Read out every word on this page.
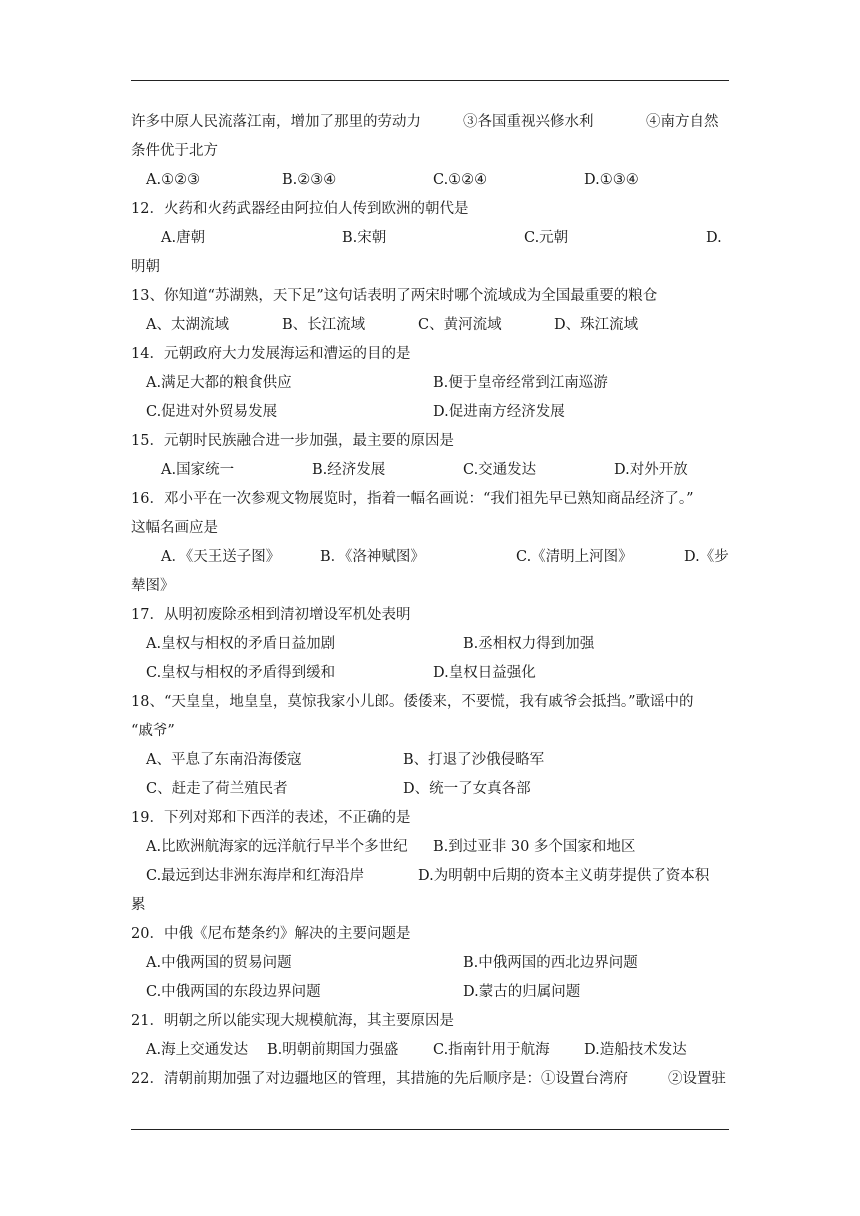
许多中原人民流落江南，增加了那里的劳动力	③各国重视兴修水利	④南方自然
条件优于北方
A.①②③	B.②③④	C.①②④	D.①③④
12．火药和火药武器经由阿拉伯人传到欧洲的朝代是
A.唐朝	B.宋朝	C.元朝	D.
明朝
13、你知道“苏湖熟，天下足”这句话表明了两宋时哪个流域成为全国最重要的粮仓
A、太湖流域	B、长江流域	C、黄河流域	D、珠江流域
14．元朝政府大力发展海运和漕运的目的是
A.满足大都的粮食供应	B.便于皇帝经常到江南巡游
C.促进对外贸易发展	D.促进南方经济发展
15．元朝时民族融合进一步加强，最主要的原因是
A.国家统一	B.经济发展	C.交通发达	D.对外开放
16．邓小平在一次参观文物展览时，指着一幅名画说：“我们祖先早已熟知商品经济了。”
这幅名画应是
A．《天王送子图》	B．《洛神赋图》	C.《清明上河图》	D.《步
辇图》
17．从明初废除丞相到清初增设军机处表明
A.皇权与相权的矛盾日益加剧	B.丞相权力得到加强
C.皇权与相权的矛盾得到缓和	D.皇权日益强化
18、“天皇皇，地皇皇，莫惊我家小儿郎。倭倭来，不要慌，我有戚爷会抵挡。”歌谣中的
“戚爷”
A、平息了东南沿海倭寇	B、打退了沙俄侵略军
C、赶走了荷兰殖民者	D、统一了女真各部
19．下列对郑和下西洋的表述，不正确的是
A.比欧洲航海家的远洋航行早半个多世纪 B.到过亚非 30 多个国家和地区
C.最远到达非洲东海岸和红海沿岸	D.为明朝中后期的资本主义萌芽提供了资本积
累
20．中俄《尼布楚条约》解决的主要问题是
A.中俄两国的贸易问题	B.中俄两国的西北边界问题
C.中俄两国的东段边界问题	D.蒙古的归属问题
21．明朝之所以能实现大规模航海，其主要原因是
A.海上交通发达 B.明朝前期国力强盛 C.指南针用于航海 D.造船技术发达
22．清朝前期加强了对边疆地区的管理，其措施的先后顺序是：①设置台湾府	②设置驻
